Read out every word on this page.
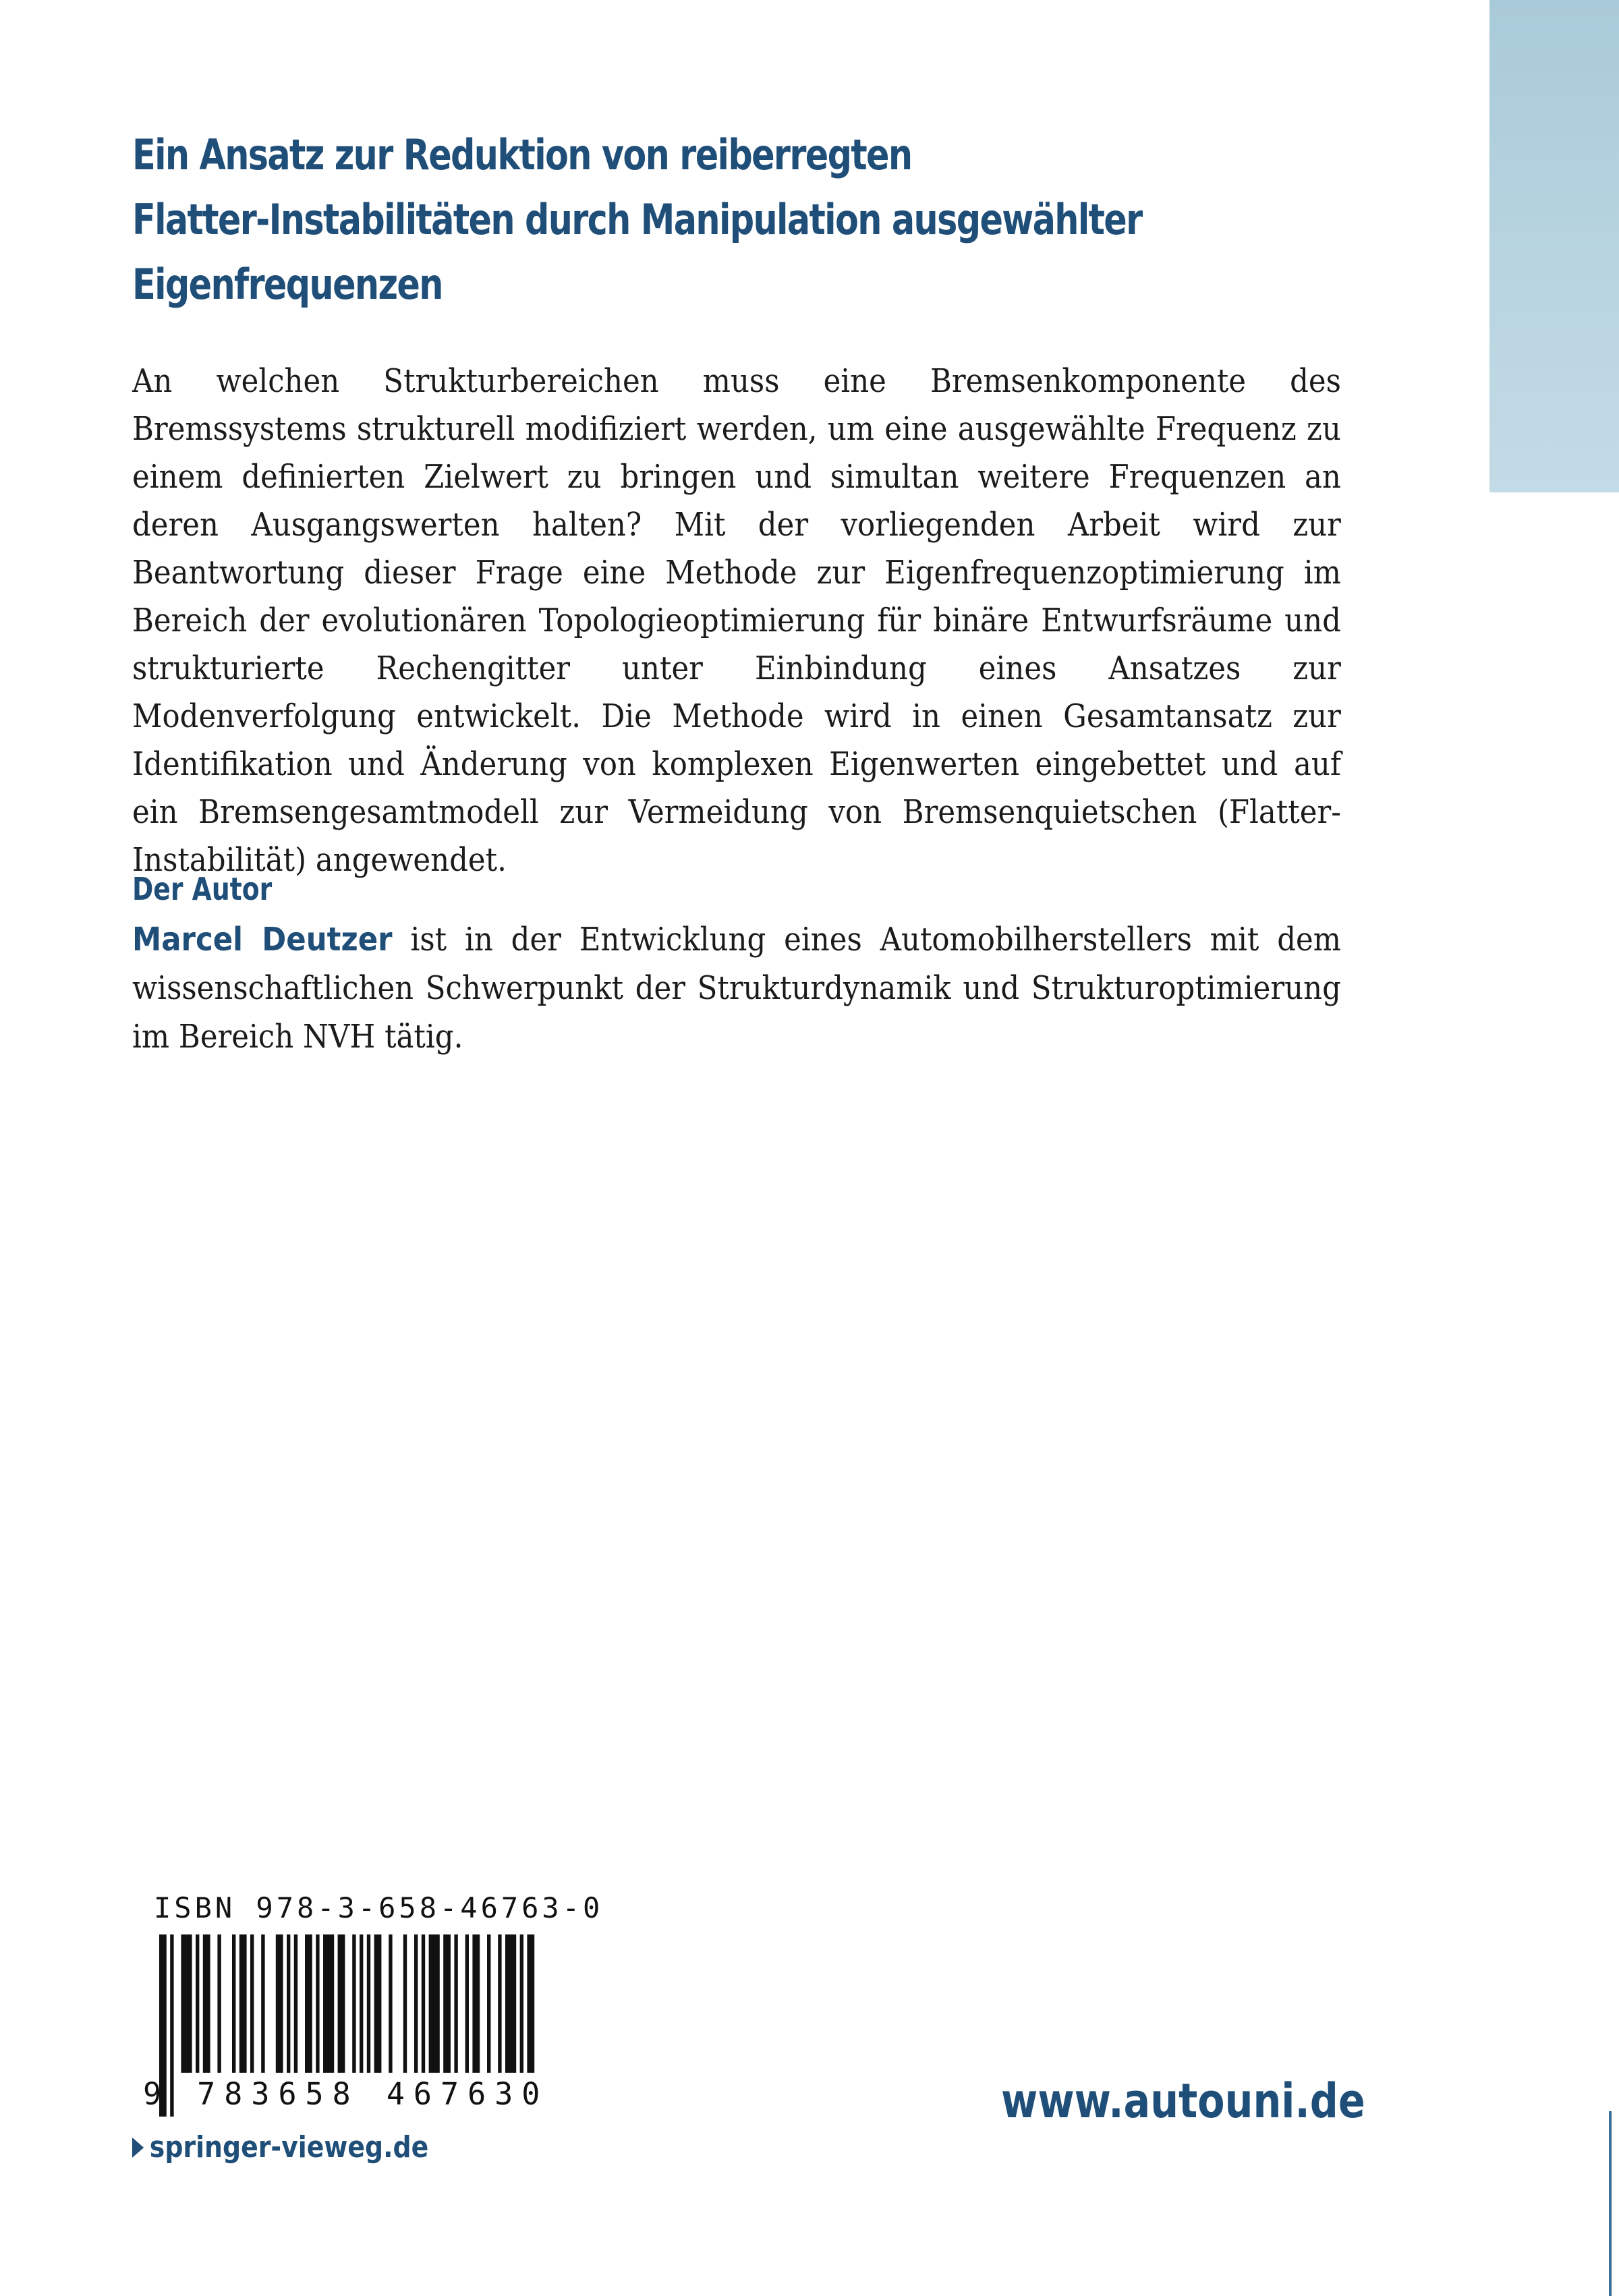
Ein Ansatz zur Reduktion von reiberregten
Flatter-Instabilitäten durch Manipulation ausgewählter
Eigenfrequenzen

An welchen Strukturbereichen muss eine Bremsenkomponente des Bremssystems strukturell modifiziert werden, um eine ausgewählte Frequenz zu einem definierten Zielwert zu bringen und simultan weitere Frequenzen an deren Ausgangswerten halten? Mit der vorliegenden Arbeit wird zur Beantwortung dieser Frage eine Methode zur Eigenfrequenzoptimierung im Bereich der evolutionären Topologieoptimierung für binäre Entwurfsräume und strukturierte Rechengitter unter Einbindung eines Ansatzes zur Modenverfolgung entwickelt. Die Methode wird in einen Gesamtansatz zur Identifikation und Änderung von komplexen Eigenwerten eingebettet und auf ein Bremsengesamtmodell zur Vermeidung von Bremsenquietschen (Flatter-Instabilität) angewendet.

Der Autor

Marcel Deutzer ist in der Entwicklung eines Automobilherstellers mit dem wissenschaftlichen Schwerpunkt der Strukturdynamik und Strukturoptimierung im Bereich NVH tätig.

ISBN 978-3-658-46763-0
9 783658 467630	www.autouni.de
springer-vieweg.de
